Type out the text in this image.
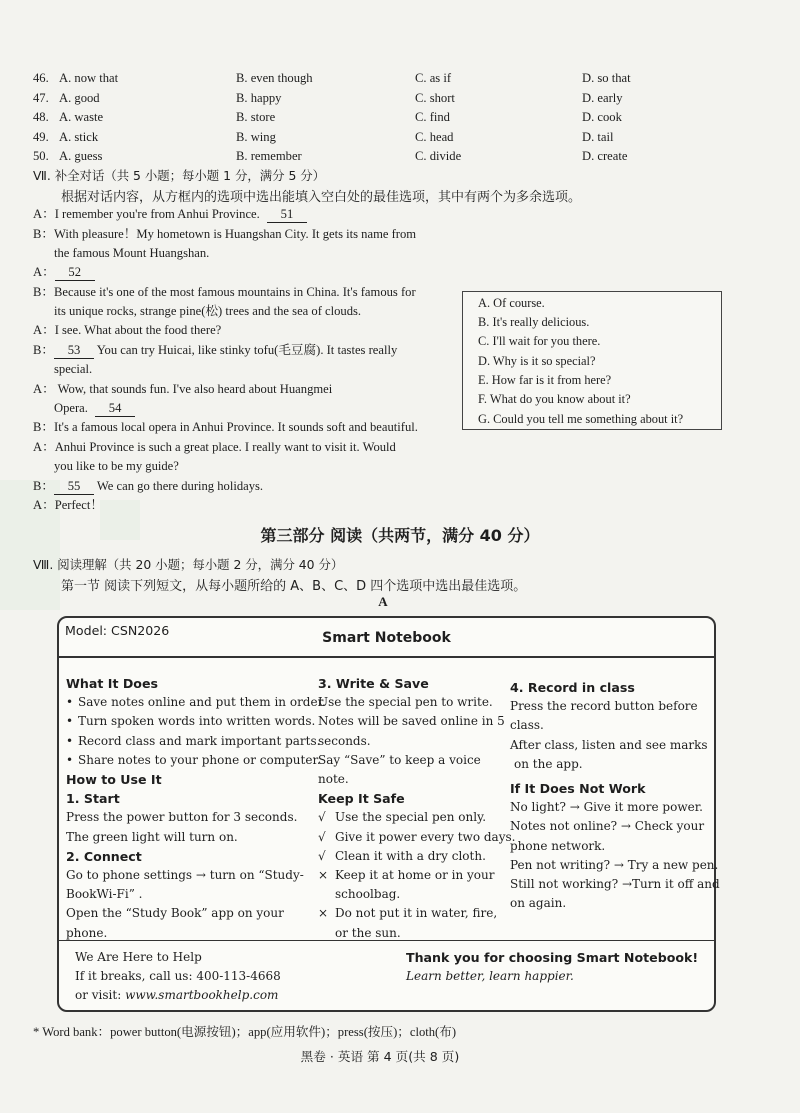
46. A. now that	B. even though	C. as if	D. so that
47. A. good	B. happy	C. short	D. early
48. A. waste	B. store	C. find	D. cook
49. A. stick	B. wing	C. head	D. tail
50. A. guess	B. remember	C. divide	D. create
Ⅶ. 补全对话（共 5 小题；每小题 1 分，满分 5 分）
根据对话内容，从方框内的选项中选出能填入空白处的最佳选项，其中有两个为多余选项。
A：I remember you're from Anhui Province. 51
B：With pleasure！My hometown is Huangshan City. It gets its name from
the famous Mount Huangshan.
A： 52
B：Because it's one of the most famous mountains in China. It's famous for
its unique rocks, strange pine(松) trees and the sea of clouds.
A：I see. What about the food there?
B： 53 You can try Huicai, like stinky tofu(毛豆腐). It tastes really
special.
A： Wow, that sounds fun. I've also heard about Huangmei
Opera. 54
B：It's a famous local opera in Anhui Province. It sounds soft and beautiful.
A：Anhui Province is such a great place. I really want to visit it. Would
you like to be my guide?
B： 55 We can go there during holidays.
A：Perfect！
A. Of course.
B. It's really delicious.
C. I'll wait for you there.
D. Why is it so special?
E. How far is it from here?
F. What do you know about it?
G. Could you tell me something about it?
第三部分 阅读（共两节，满分 40 分）
Ⅷ. 阅读理解（共 20 小题；每小题 2 分，满分 40 分）
第一节 阅读下列短文，从每小题所给的 A、B、C、D 四个选项中选出最佳选项。
A
Model: CSN2026	Smart Notebook
What It Does
• Save notes online and put them in order.
• Turn spoken words into written words.
• Record class and mark important parts.
• Share notes to your phone or computer.
How to Use It
1. Start
Press the power button for 3 seconds.
The green light will turn on.
2. Connect
Go to phone settings → turn on “Study-
BookWi-Fi” .
Open the “Study Book” app on your
phone.
3. Write & Save
Use the special pen to write.
Notes will be saved online in 5
seconds.
Say “Save” to keep a voice
note.
Keep It Safe
√ Use the special pen only.
√ Give it power every two days.
√ Clean it with a dry cloth.
× Keep it at home or in your
schoolbag.
× Do not put it in water, fire,
or the sun.
4. Record in class
Press the record button before
class.
After class, listen and see marks
on the app.
If It Does Not Work
No light? → Give it more power.
Notes not online? → Check your
phone network.
Pen not writing? → Try a new pen.
Still not working? →Turn it off and
on again.
We Are Here to Help
If it breaks, call us: 400-113-4668
or visit: www.smartbookhelp.com
Thank you for choosing Smart Notebook!
Learn better, learn happier.
* Word bank：power button(电源按钮)；app(应用软件)；press(按压)；cloth(布)
黑卷 · 英语 第 4 页(共 8 页)
